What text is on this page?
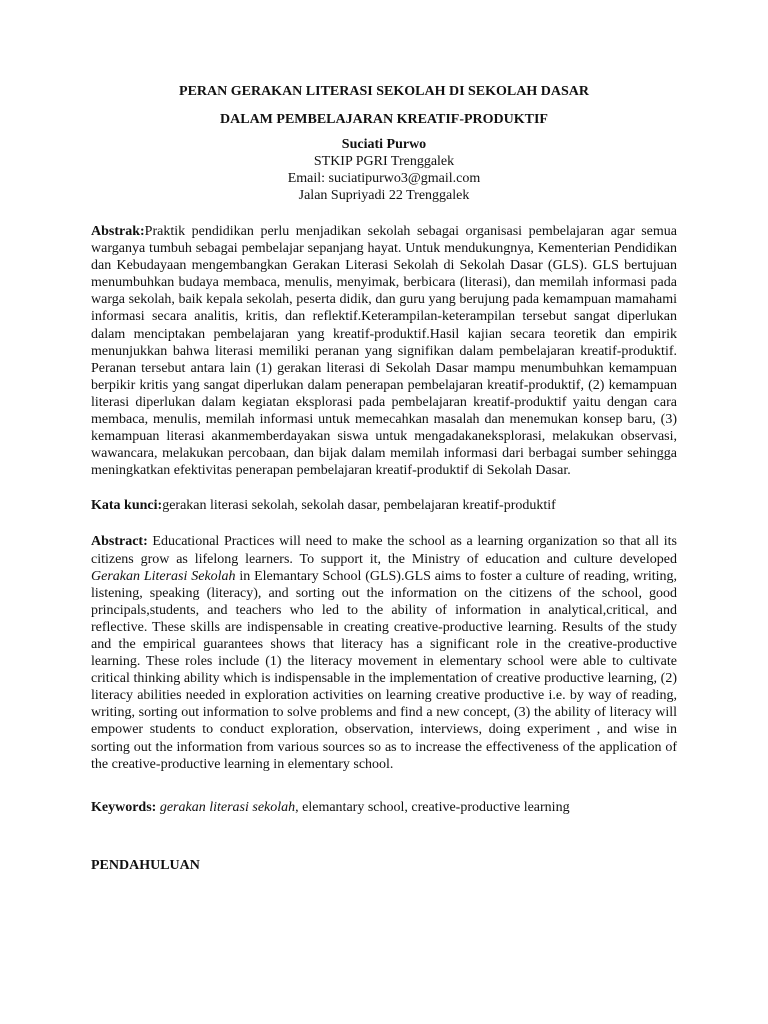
PERAN GERAKAN LITERASI SEKOLAH DI SEKOLAH DASAR

DALAM PEMBELAJARAN KREATIF-PRODUKTIF

Suciati Purwo

STKIP PGRI Trenggalek

Email: suciatipurwo3@gmail.com

Jalan Supriyadi 22 Trenggalek

Abstrak:Praktik pendidikan perlu menjadikan sekolah sebagai organisasi pembelajaran agar semua warganya tumbuh sebagai pembelajar sepanjang hayat. Untuk mendukungnya, Kementerian Pendidikan dan Kebudayaan mengembangkan Gerakan Literasi Sekolah di Sekolah Dasar (GLS). GLS bertujuan menumbuhkan budaya membaca, menulis, menyimak, berbicara (literasi), dan memilah informasi pada warga sekolah, baik kepala sekolah, peserta didik, dan guru yang berujung pada kemampuan mamahami informasi secara analitis, kritis, dan reflektif.Keterampilan-keterampilan tersebut sangat diperlukan dalam menciptakan pembelajaran yang kreatif-produktif.Hasil kajian secara teoretik dan empirik menunjukkan bahwa literasi memiliki peranan yang signifikan dalam pembelajaran kreatif-produktif. Peranan tersebut antara lain (1) gerakan literasi di Sekolah Dasar mampu menumbuhkan kemampuan berpikir kritis yang sangat diperlukan dalam penerapan pembelajaran kreatif-produktif, (2) kemampuan literasi diperlukan dalam kegiatan eksplorasi pada pembelajaran kreatif-produktif yaitu dengan cara membaca, menulis, memilah informasi untuk memecahkan masalah dan menemukan konsep baru, (3) kemampuan literasi akanmemberdayakan siswa untuk mengadakaneksplorasi, melakukan observasi, wawancara, melakukan percobaan, dan bijak dalam memilah informasi dari berbagai sumber sehingga meningkatkan efektivitas penerapan pembelajaran kreatif-produktif di Sekolah Dasar.

Kata kunci:gerakan literasi sekolah, sekolah dasar, pembelajaran kreatif-produktif

Abstract: Educational Practices will need to make the school as a learning organization so that all its citizens grow as lifelong learners. To support it, the Ministry of education and culture developed Gerakan Literasi Sekolah in Elemantary School (GLS).GLS aims to foster a culture of reading, writing, listening, speaking (literacy), and sorting out the information on the citizens of the school, good principals,students, and teachers who led to the ability of information in analytical,critical, and reflective. These skills are indispensable in creating creative-productive learning. Results of the study and the empirical guarantees shows that literacy has a significant role in the creative-productive learning. These roles include (1) the literacy movement in elementary school were able to cultivate critical thinking ability which is indispensable in the implementation of creative productive learning, (2) literacy abilities needed in exploration activities on learning creative productive i.e. by way of reading, writing, sorting out information to solve problems and find a new concept, (3) the ability of literacy will empower students to conduct exploration, observation, interviews, doing experiment , and wise in sorting out the information from various sources so as to increase the effectiveness of the application of the creative-productive learning in elementary school.

Keywords: gerakan literasi sekolah, elemantary school, creative-productive learning

PENDAHULUAN
